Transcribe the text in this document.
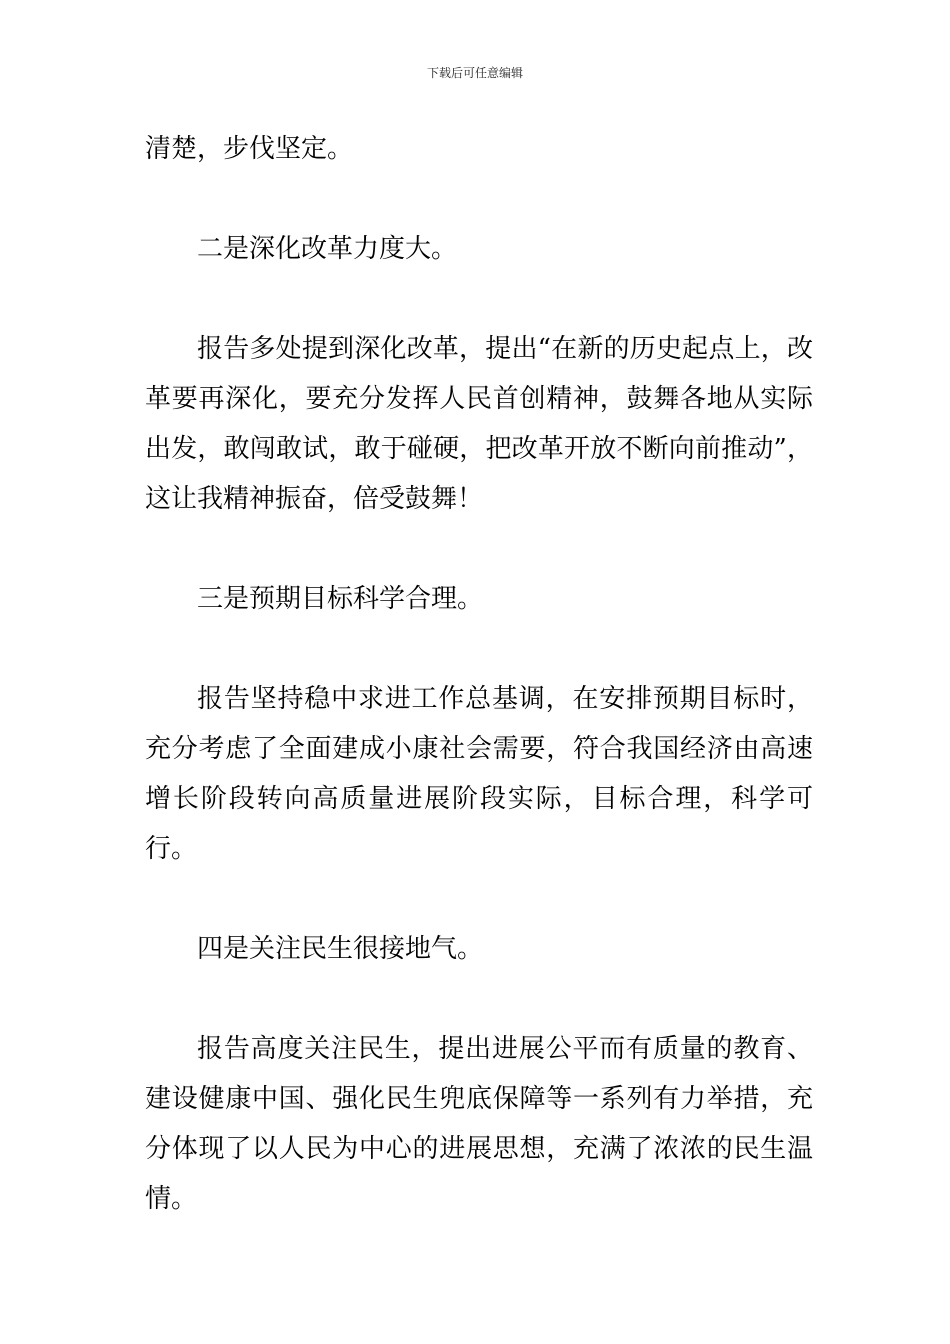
下载后可任意编辑

清楚，步伐坚定。

二是深化改革力度大。

报告多处提到深化改革，提出“在新的历史起点上，改革要再深化，要充分发挥人民首创精神，鼓舞各地从实际出发，敢闯敢试，敢于碰硬，把改革开放不断向前推动”，这让我精神振奋，倍受鼓舞！

三是预期目标科学合理。

报告坚持稳中求进工作总基调，在安排预期目标时，充分考虑了全面建成小康社会需要，符合我国经济由高速增长阶段转向高质量进展阶段实际，目标合理，科学可行。

四是关注民生很接地气。

报告高度关注民生，提出进展公平而有质量的教育、建设健康中国、强化民生兜底保障等一系列有力举措，充分体现了以人民为中心的进展思想，充满了浓浓的民生温情。
